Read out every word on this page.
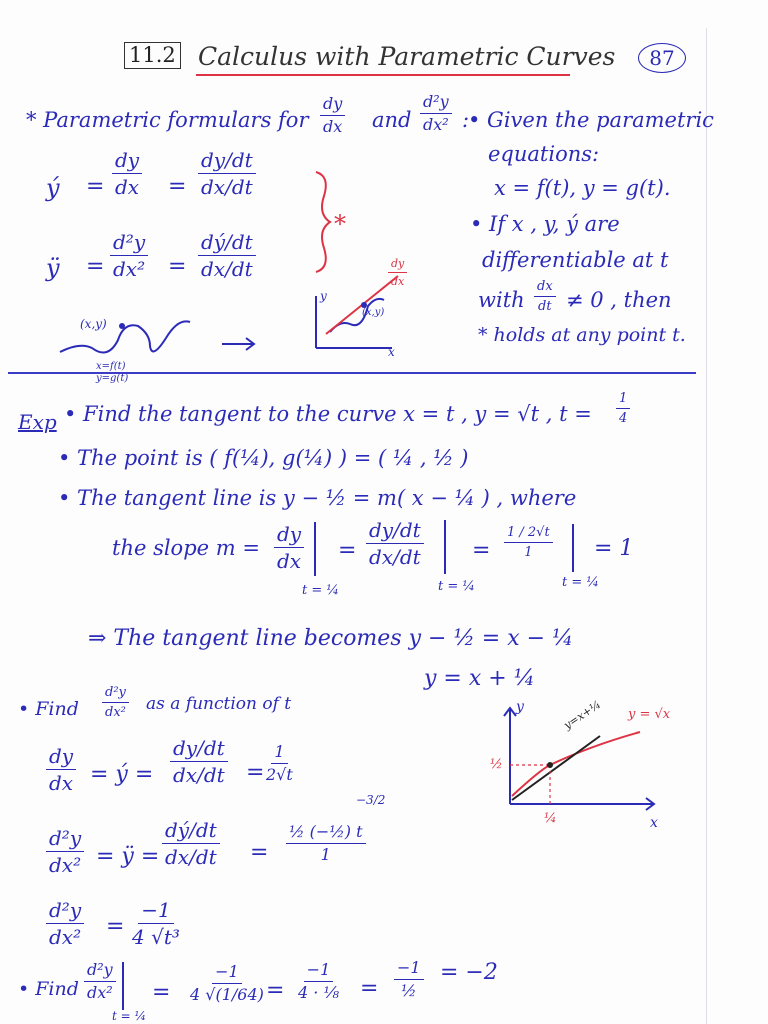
11.2 Calculus with Parametric Curves	87
* Parametric formulars for $\frac{dy}{dx}$ and $\frac{\text{d²y}}{\text{dx²}}$ :
ý = $\frac{dy}{dx} = \frac{dy/dt}{dx/dt}$
ÿ = $\frac{\text{d²y}}{\text{dx²}} = \frac{dý/dt}{dx/dt}$
*
• Given the parametric
equations:
x = f(t), y = g(t).
• If x , y, ý are
differentiable at t
with $\frac{dx}{dt} \ne 0$ , then
* holds at any point t.
(x,y)
x=f(t)
y=g(t)
y
x
(x,y)
$\frac{dy}{dx}$
Exp • Find the tangent to the curve x = t , y = √t , $t = \frac{1}{4}$
• The point is ( f(¼), g(¼) ) = ( ¼ , ½ )
• The tangent line is y − ½ = m( x − ¼ ) , where
the slope $m = \frac{dy}{dx}$
t = ¼
= $\frac{dy/dt}{dx/dt}$
t = ¼
= $\frac{1 / 2√t}{1}$
t = ¼
= 1
⇒ The tangent line becomes y − ½ = x − ¼
y = x + ¼
• Find $\frac{\text{d²y}}{\text{dx²}}$ as a function of t
$\frac{dy}{dx}$ = ý = $\frac{dy/dt}{dx/dt} = \frac{1}{2√t}$
$\frac{\text{d²y}}{\text{dx²}}$ = ÿ = $\frac{dý/dt}{dx/dt} = \frac{\text{½ (−½) t}}{1}$
−3/2
$\frac{\text{d²y}}{\text{dx²}} = \frac{-1}{\text{4 √t³}}$
y
x
y = √x
y=x+¼
½
¼
• Find $\frac{\text{d²y}}{\text{dx²}}$
t = ¼
= $\frac{-1}{4 √(1/64)} = \frac{-1}{\text{4 · ⅛}}$ =
−1
½
= −2
